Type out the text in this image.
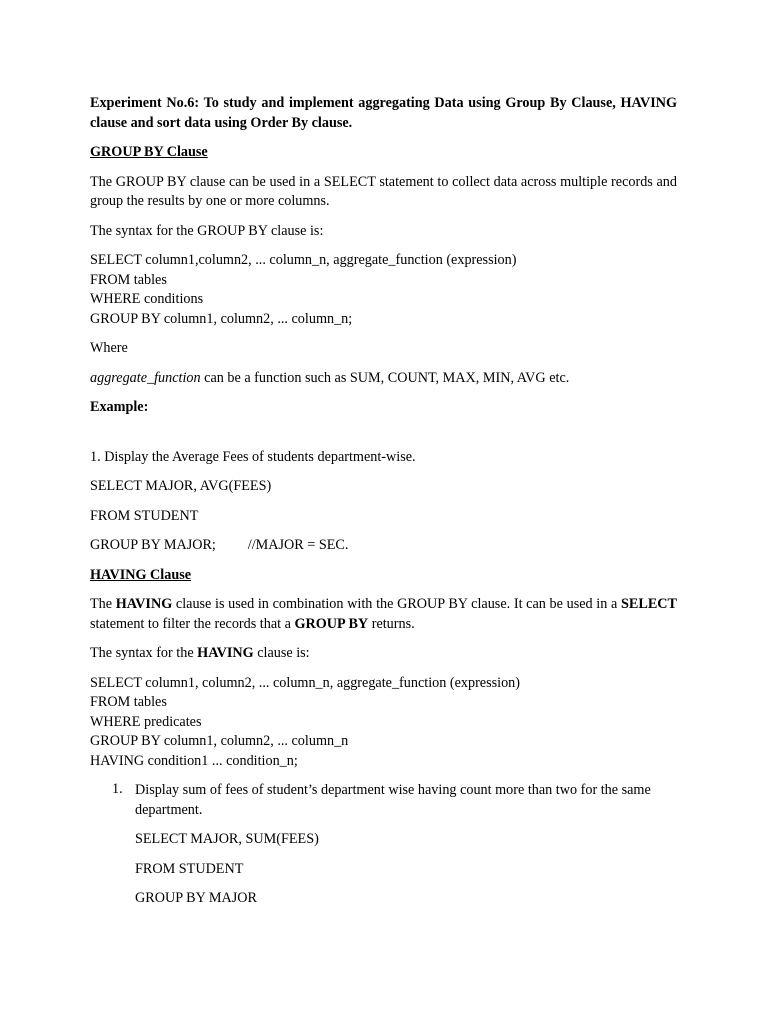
Experiment No.6: To study and implement aggregating Data using Group By Clause, HAVING clause and sort data using Order By clause.

GROUP BY Clause

The GROUP BY clause can be used in a SELECT statement to collect data across multiple records and group the results by one or more columns.

The syntax for the GROUP BY clause is:

SELECT column1,column2, ... column_n, aggregate_function (expression)

FROM tables

WHERE conditions

GROUP BY column1, column2, ... column_n;

Where

aggregate_function can be a function such as SUM, COUNT, MAX, MIN, AVG etc.

Example:

1. Display the Average Fees of students department-wise.

SELECT MAJOR, AVG(FEES)

FROM STUDENT

GROUP BY MAJOR;         //MAJOR = SEC.

HAVING Clause

The HAVING clause is used in combination with the GROUP BY clause. It can be used in a SELECT statement to filter the records that a GROUP BY returns.

The syntax for the HAVING clause is:

SELECT column1, column2, ... column_n, aggregate_function (expression)

FROM tables

WHERE predicates

GROUP BY column1, column2, ... column_n

HAVING condition1 ... condition_n;

1. Display sum of fees of student’s department wise having count more than two for the same department.

SELECT MAJOR, SUM(FEES)

FROM STUDENT

GROUP BY MAJOR
